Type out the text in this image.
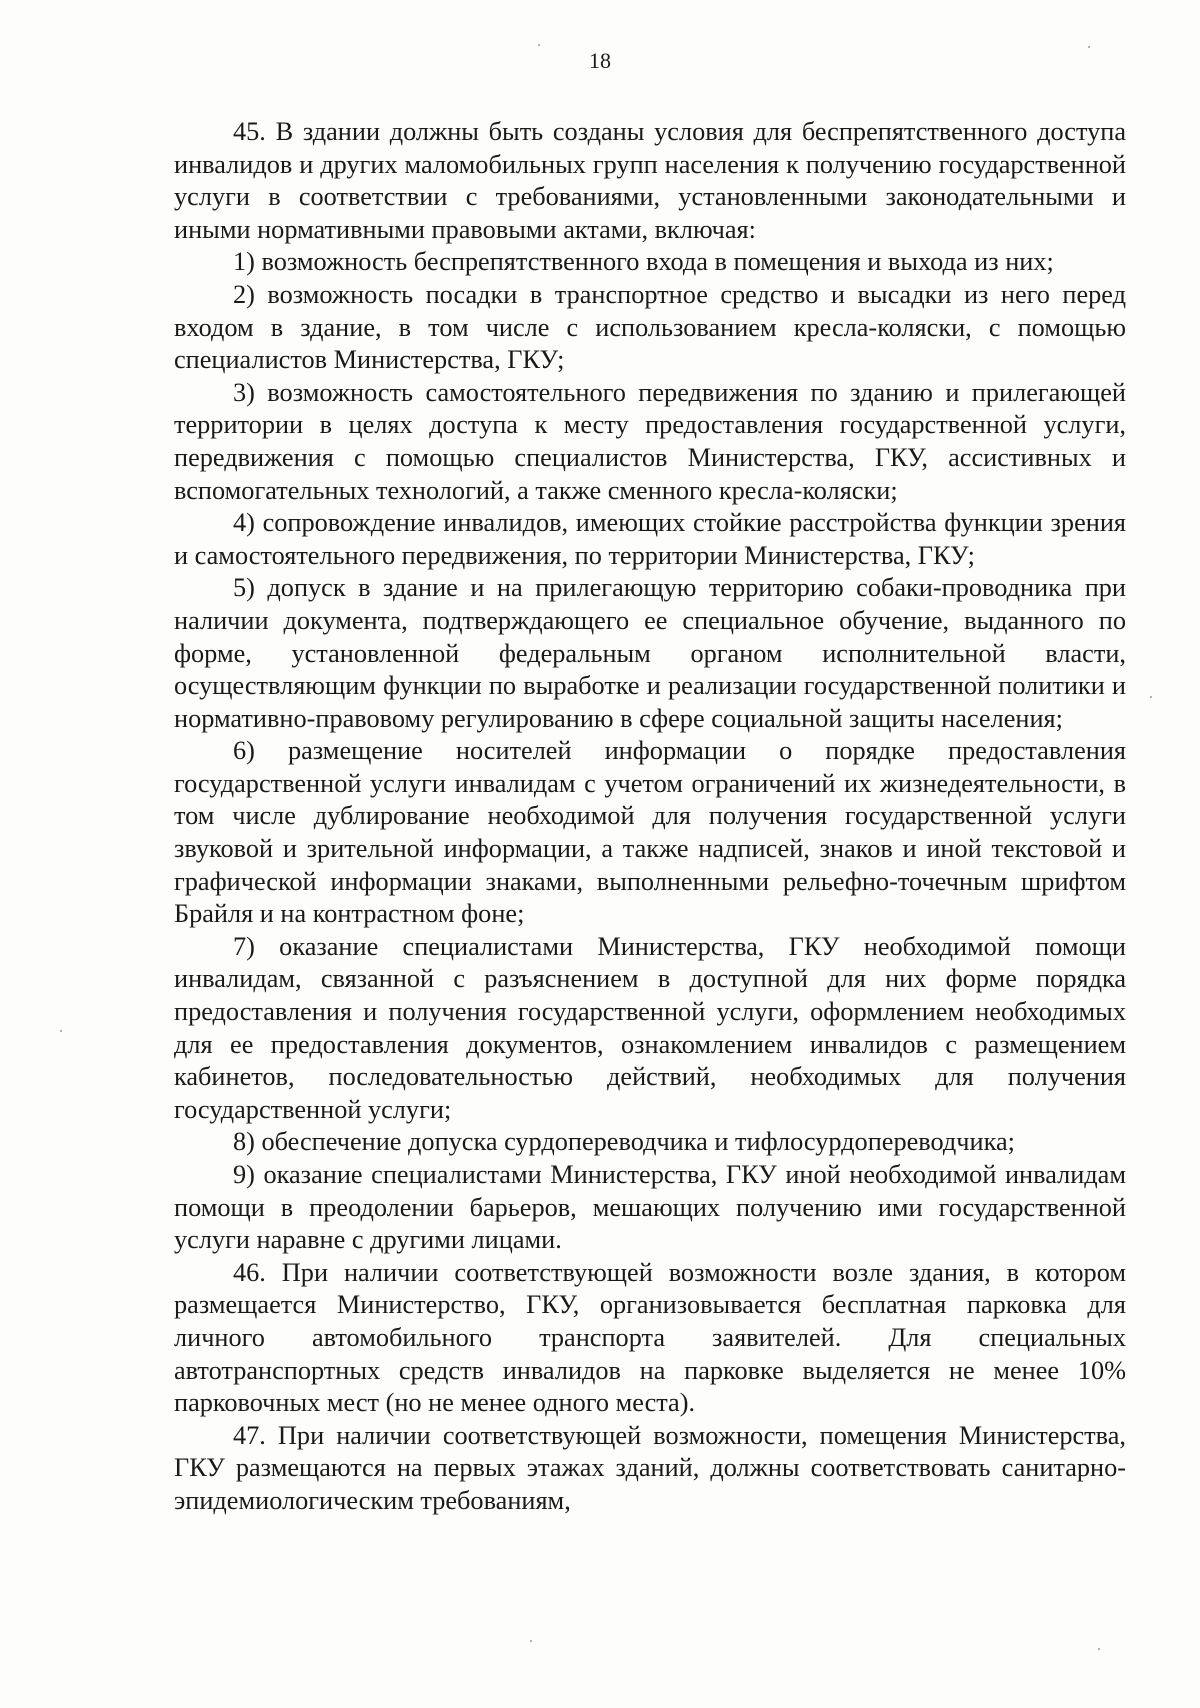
18

45. В здании должны быть созданы условия для беспрепятственного доступа инвалидов и других маломобильных групп населения к получению государственной услуги в соответствии с требованиями, установленными законодательными и иными нормативными правовыми актами, включая:

1) возможность беспрепятственного входа в помещения и выхода из них;

2) возможность посадки в транспортное средство и высадки из него перед входом в здание, в том числе с использованием кресла-коляски, с помощью специалистов Министерства, ГКУ;

3) возможность самостоятельного передвижения по зданию и прилегающей территории в целях доступа к месту предоставления государственной услуги, передвижения с помощью специалистов Министерства, ГКУ, ассистивных и вспомогательных технологий, а также сменного кресла-коляски;

4) сопровождение инвалидов, имеющих стойкие расстройства функции зрения и самостоятельного передвижения, по территории Министерства, ГКУ;

5) допуск в здание и на прилегающую территорию собаки-проводника при наличии документа, подтверждающего ее специальное обучение, выданного по форме, установленной федеральным органом исполнительной власти, осуществляющим функции по выработке и реализации государственной политики и нормативно-правовому регулированию в сфере социальной защиты населения;

6) размещение носителей информации о порядке предоставления государственной услуги инвалидам с учетом ограничений их жизнедеятельности, в том числе дублирование необходимой для получения государственной услуги звуковой и зрительной информации, а также надписей, знаков и иной текстовой и графической информации знаками, выполненными рельефно-точечным шрифтом Брайля и на контрастном фоне;

7) оказание специалистами Министерства, ГКУ необходимой помощи инвалидам, связанной с разъяснением в доступной для них форме порядка предоставления и получения государственной услуги, оформлением необходимых для ее предоставления документов, ознакомлением инвалидов с размещением кабинетов, последовательностью действий, необходимых для получения государственной услуги;

8) обеспечение допуска сурдопереводчика и тифлосурдопереводчика;

9) оказание специалистами Министерства, ГКУ иной необходимой инвалидам помощи в преодолении барьеров, мешающих получению ими государственной услуги наравне с другими лицами.

46. При наличии соответствующей возможности возле здания, в котором размещается Министерство, ГКУ, организовывается бесплатная парковка для личного автомобильного транспорта заявителей. Для специальных автотранспортных средств инвалидов на парковке выделяется не менее 10% парковочных мест (но не менее одного места).

47. При наличии соответствующей возможности, помещения Министерства, ГКУ размещаются на первых этажах зданий, должны соответствовать санитарно-эпидемиологическим требованиям,
